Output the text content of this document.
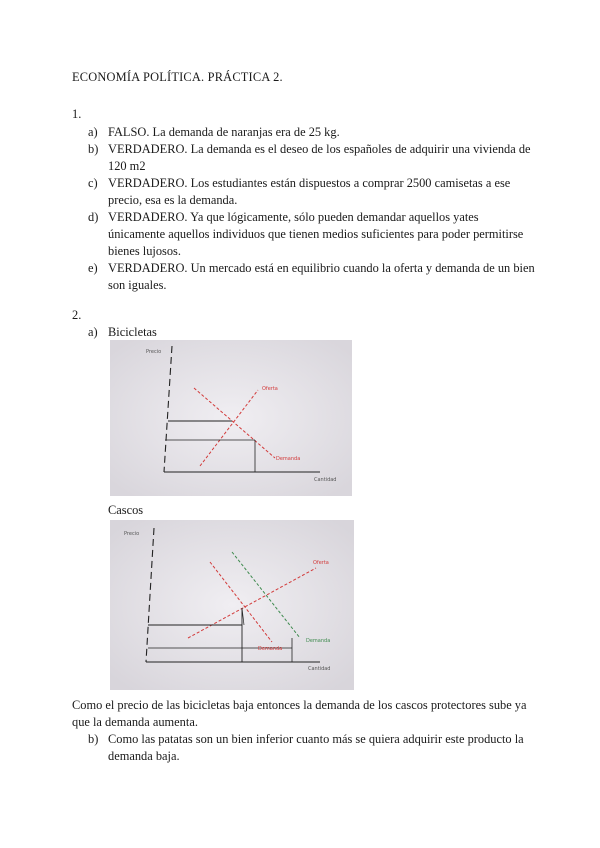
ECONOMÍA POLÍTICA. PRÁCTICA 2.
1.
a) FALSO. La demanda de naranjas era de 25 kg.
b) VERDADERO. La demanda es el deseo de los españoles de adquirir una vivienda de 120 m2
c) VERDADERO. Los estudiantes están dispuestos a comprar 2500 camisetas a ese precio, esa es la demanda.
d) VERDADERO. Ya que lógicamente, sólo pueden demandar aquellos yates únicamente aquellos individuos que tienen medios suficientes para poder permitirse bienes lujosos.
e) VERDADERO. Un mercado está en equilibrio cuando la oferta y demanda de un bien son iguales.
2.
a) Bicicletas
Precio
Cantidad
Oferta
Demanda
Cascos
Precio
Cantidad
Oferta
Demanda
Demanda
Como el precio de las bicicletas baja entonces la demanda de los cascos protectores sube ya que la demanda aumenta.
b) Como las patatas son un bien inferior cuanto más se quiera adquirir este producto la demanda baja.
